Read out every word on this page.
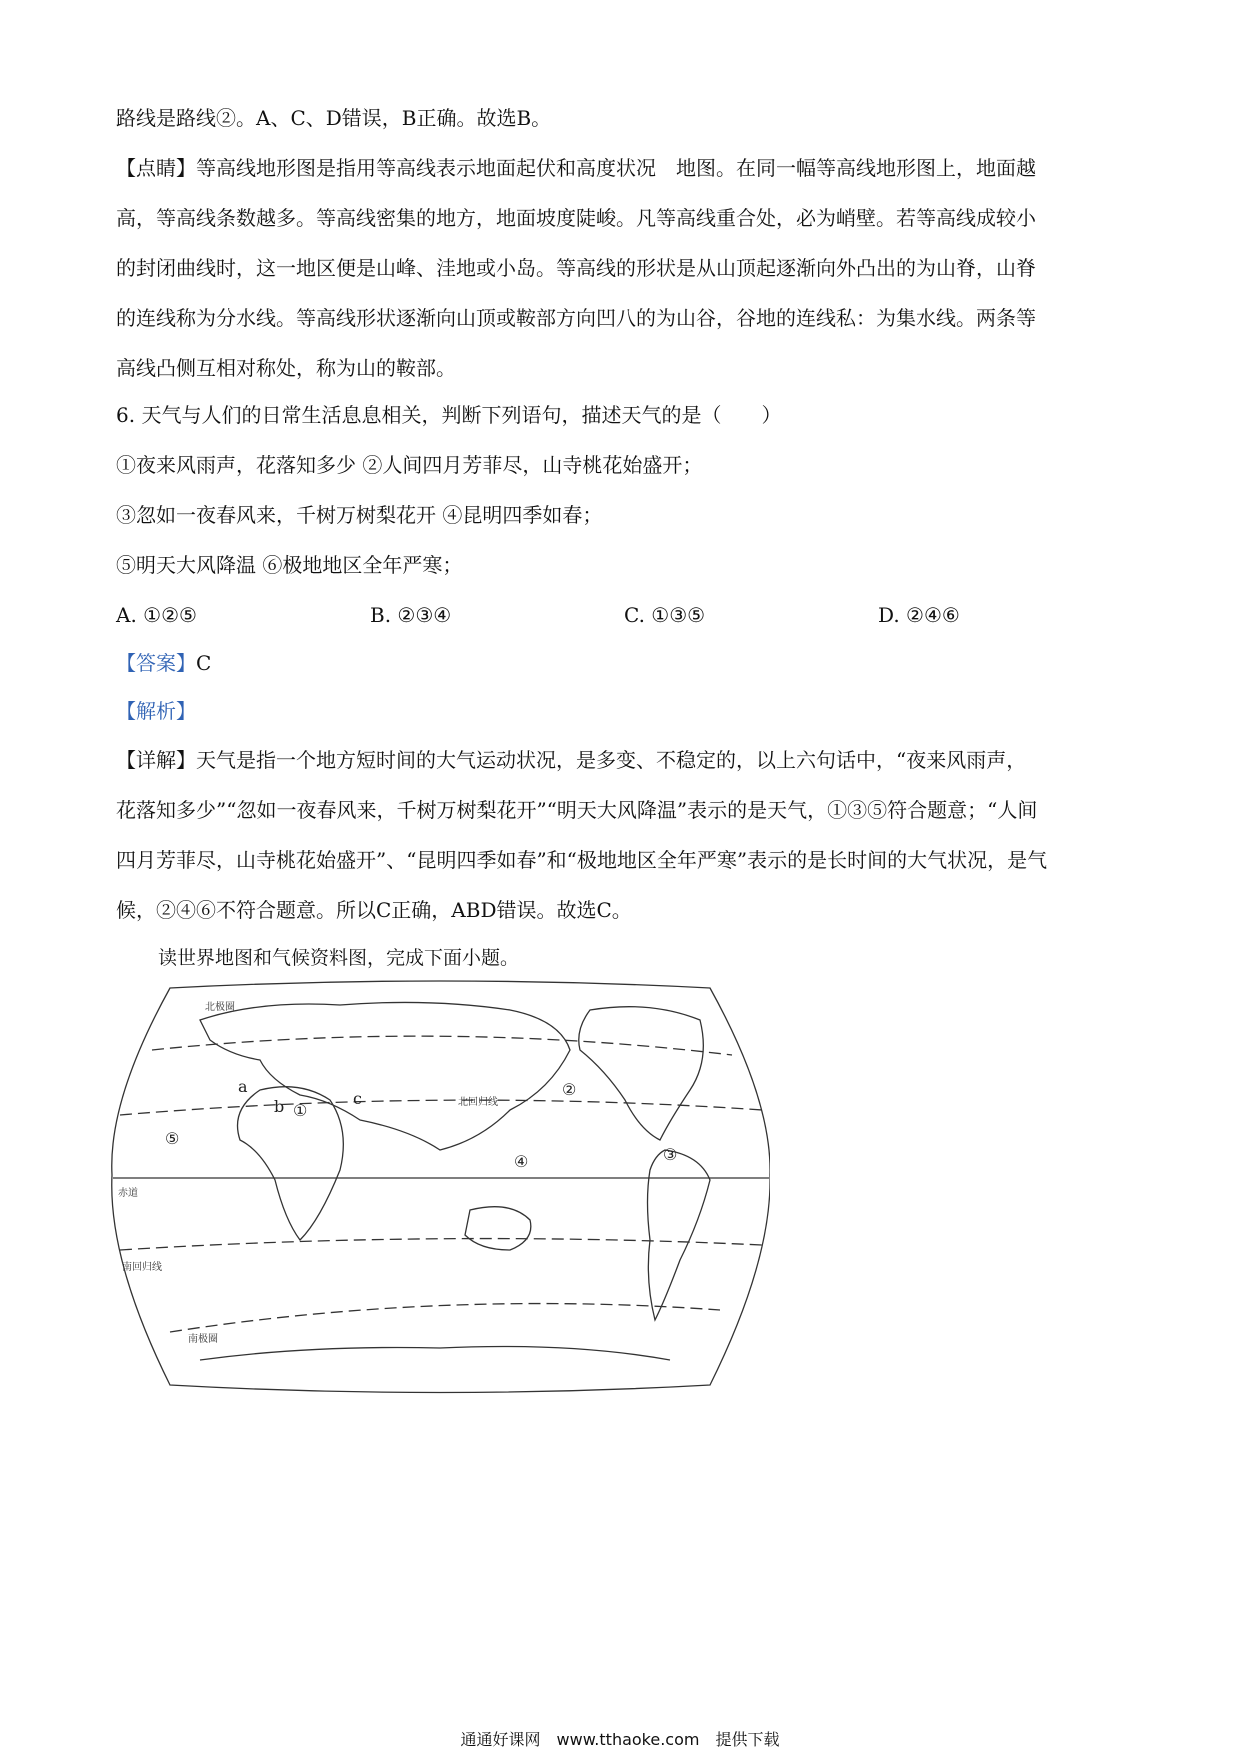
路线是路线②。A、C、D错误，B正确。故选B。
【点睛】等高线地形图是指用等高线表示地面起伏和高度状况　地图。在同一幅等高线地形图上，地面越
高，等高线条数越多。等高线密集的地方，地面坡度陡峻。凡等高线重合处，必为峭壁。若等高线成较小
的封闭曲线时，这一地区便是山峰、洼地或小岛。等高线的形状是从山顶起逐渐向外凸出的为山脊，山脊
的连线称为分水线。等高线形状逐渐向山顶或鞍部方向凹八的为山谷，谷地的连线私：为集水线。两条等
高线凸侧互相对称处，称为山的鞍部。
6. 天气与人们的日常生活息息相关，判断下列语句，描述天气的是（　　）
①夜来风雨声，花落知多少 ②人间四月芳菲尽，山寺桃花始盛开；
③忽如一夜春风来，千树万树梨花开 ④昆明四季如春；
⑤明天大风降温 ⑥极地地区全年严寒；
A. ①②⑤	B. ②③④	C. ①③⑤	D. ②④⑥
【答案】C
【解析】
【详解】天气是指一个地方短时间的大气运动状况，是多变、不稳定的，以上六句话中，“夜来风雨声，
花落知多少”“忽如一夜春风来，千树万树梨花开”“明天大风降温”表示的是天气，①③⑤符合题意；“人间
四月芳菲尽，山寺桃花始盛开”、“昆明四季如春”和“极地地区全年严寒”表示的是长时间的大气状况，是气
候，②④⑥不符合题意。所以C正确，ABD错误。故选C。
读世界地图和气候资料图，完成下面小题。
北极圈
北回归线
赤道
南回归线
南极圈
a
b	c
①
②
③
④
⑤
通通好课网　www.tthaoke.com　提供下载
